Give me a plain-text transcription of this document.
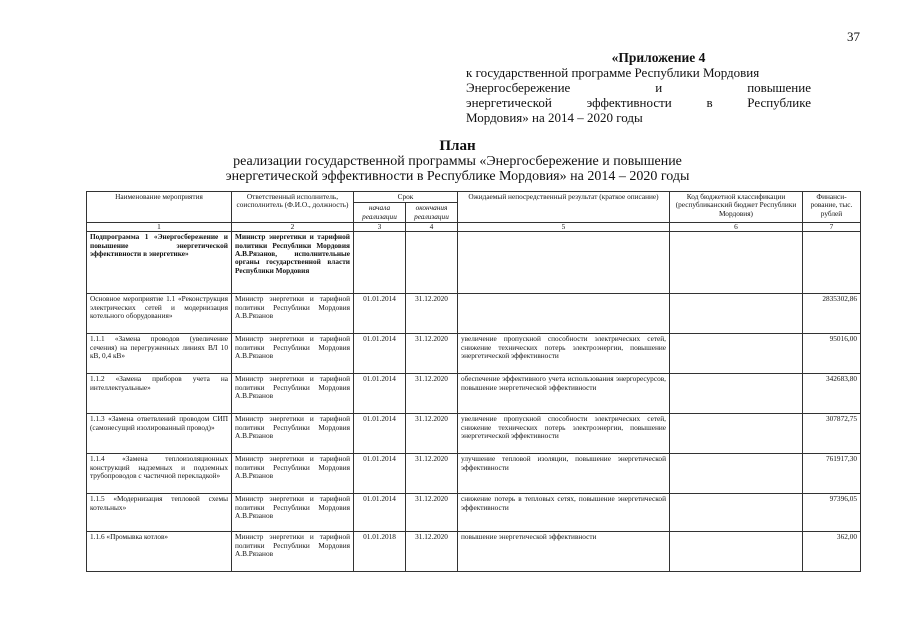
37
«Приложение 4
к государственной программе Республики Мордовия
Энергосбережение и повышение
энергетической эффективности в Республике
Мордовия» на 2014 – 2020 годы
План
реализации государственной программы «Энергосбережение и повышение
энергетической эффективности в Республике Мордовия» на 2014 – 2020 годы
Наименование мероприятия	Ответственный исполнитель, соисполнитель (Ф.И.О., должность)	Срок		Ожидаемый непосредственный результат (краткое описание)	Код бюджетной классификации (республиканский бюджет Республики Мордовия)	Финанси-рование, тыс. рублей
		начала реализации	окончания реализации			
1	2	3	4	5	6	7
Подпрограмма 1 «Энергосбережение и повышение энергетической эффективности в энергетике»	Министр энергетики и тарифной политики Республики Мордовия А.В.Рязанов, исполнительные органы государственной власти Республики Мордовия					
Основное мероприятие 1.1 «Реконструкция электрических сетей и модернизация котельного оборудования»	Министр энергетики и тарифной политики Республики Мордовия А.В.Рязанов	01.01.2014	31.12.2020			2835302,86
1.1.1 «Замена проводов (увеличение сечения) на перегруженных линиях ВЛ 10 кВ, 0,4 кВ»	Министр энергетики и тарифной политики Республики Мордовия А.В.Рязанов	01.01.2014	31.12.2020	увеличение пропускной способности электрических сетей, снижение технических потерь электроэнергии, повышение энергетической эффективности		95016,00
1.1.2 «Замена приборов учета на интеллектуальные»	Министр энергетики и тарифной политики Республики Мордовия А.В.Рязанов	01.01.2014	31.12.2020	обеспечение эффективного учета использования энергоресурсов, повышение энергетической эффективности		342683,80
1.1.3 «Замена ответвлений проводом СИП (самонесущий изолированный провод)»	Министр энергетики и тарифной политики Республики Мордовия А.В.Рязанов	01.01.2014	31.12.2020	увеличение пропускной способности электрических сетей, снижение технических потерь электроэнергии, повышение энергетической эффективности		307872,75
1.1.4 «Замена теплоизоляционных конструкций надземных и подземных трубопроводов с частичной перекладкой»	Министр энергетики и тарифной политики Республики Мордовия А.В.Рязанов	01.01.2014	31.12.2020	улучшение тепловой изоляции, повышение энергетической эффективности		761917,30
1.1.5 «Модернизация тепловой схемы котельных»	Министр энергетики и тарифной политики Республики Мордовия А.В.Рязанов	01.01.2014	31.12.2020	снижение потерь в тепловых сетях, повышение энергетической эффективности		97396,05
1.1.6 «Промывка котлов»	Министр энергетики и тарифной политики Республики Мордовия А.В.Рязанов	01.01.2018	31.12.2020	повышение энергетической эффективности		362,00
